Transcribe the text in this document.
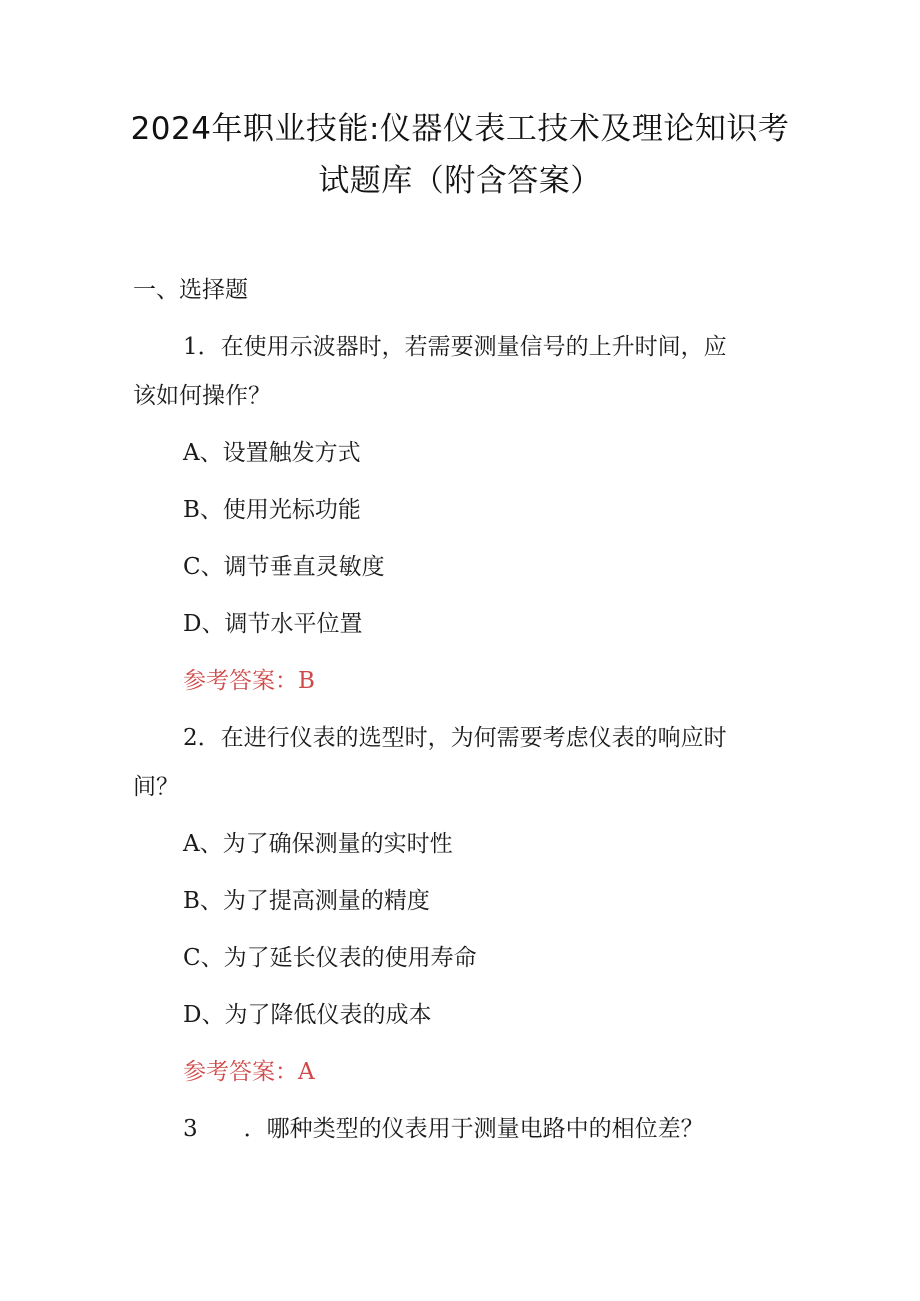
2024年职业技能:仪器仪表工技术及理论知识考试题库（附含答案）
一、选择题
1．在使用示波器时，若需要测量信号的上升时间，应
该如何操作？
A、设置触发方式
B、使用光标功能
C、调节垂直灵敏度
D、调节水平位置
参考答案：B
2．在进行仪表的选型时，为何需要考虑仪表的响应时
间？
A、为了确保测量的实时性
B、为了提高测量的精度
C、为了延长仪表的使用寿命
D、为了降低仪表的成本
参考答案：A
3　　．哪种类型的仪表用于测量电路中的相位差？
